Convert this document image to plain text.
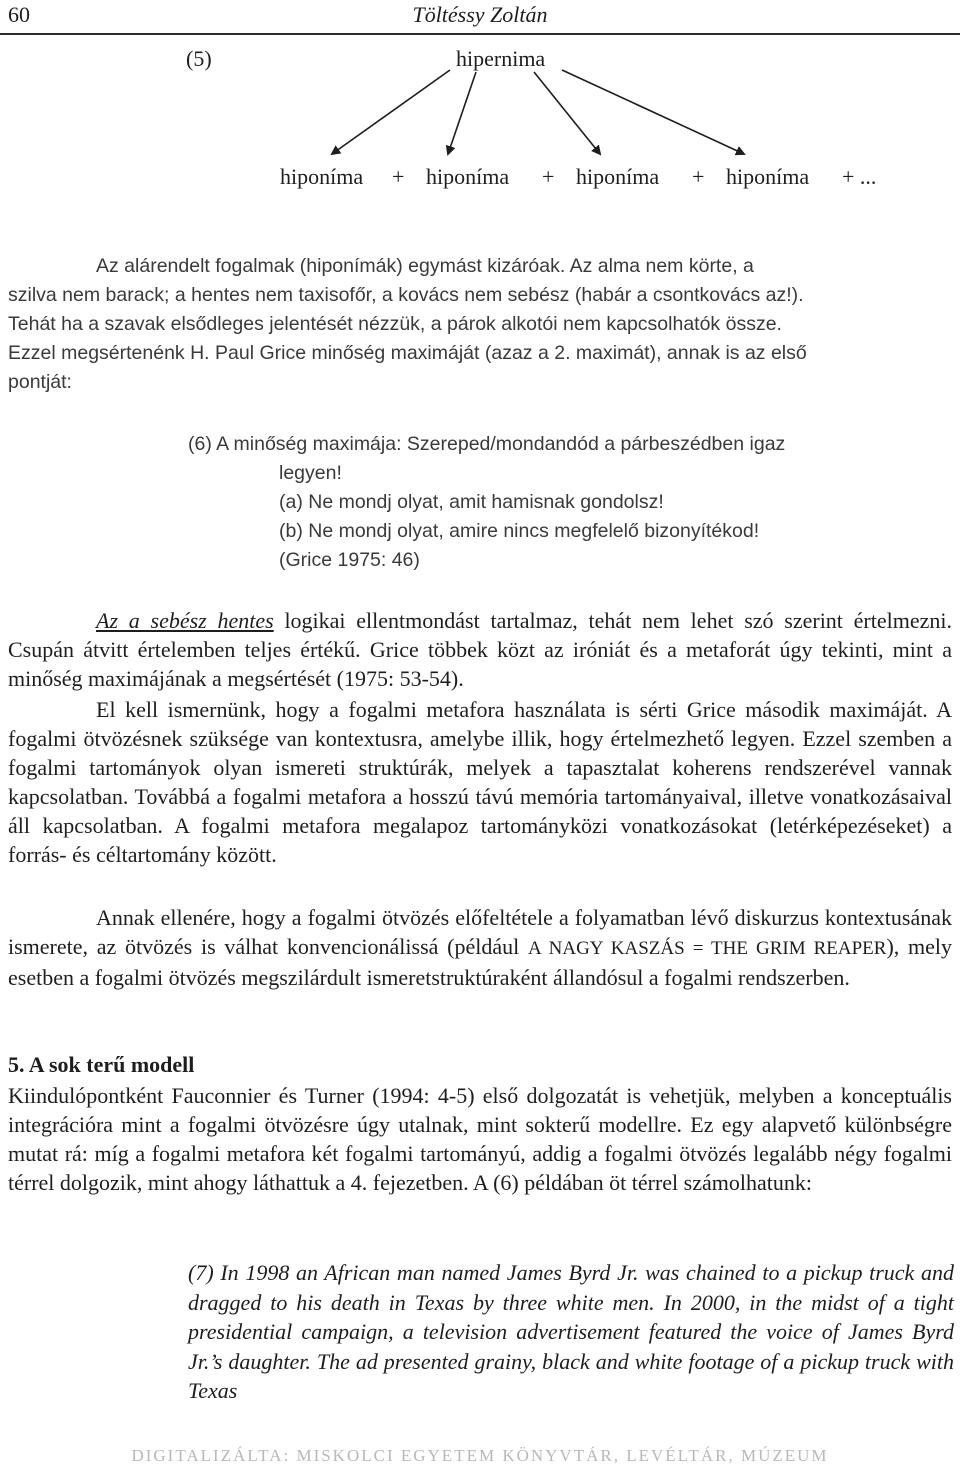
60	Töltéssy Zoltán
(5)	hipernima
hiponíma + hiponíma + hiponíma + hiponíma + ...
Az alárendelt fogalmak (hiponímák) egymást kizáróak. Az alma nem körte, a
szilva nem barack; a hentes nem taxisofőr, a kovács nem sebész (habár a csontkovács az!).
Tehát ha a szavak elsődleges jelentését nézzük, a párok alkotói nem kapcsolhatók össze.
Ezzel megsértenénk H. Paul Grice minőség maximáját (azaz a 2. maximát), annak is az első
pontját:
(6) A minőség maximája: Szereped/mondandód a párbeszédben igaz
legyen!
(a) Ne mondj olyat, amit hamisnak gondolsz!
(b) Ne mondj olyat, amire nincs megfelelő bizonyítékod!
(Grice 1975: 46)
Az a sebész hentes logikai ellentmondást tartalmaz, tehát nem lehet szó szerint értelmezni. Csupán átvitt értelemben teljes értékű. Grice többek közt az iróniát és a metaforát úgy tekinti, mint a minőség maximájának a megsértését (1975: 53-54).
El kell ismernünk, hogy a fogalmi metafora használata is sérti Grice második maximáját. A fogalmi ötvözésnek szüksége van kontextusra, amelybe illik, hogy értelmezhető legyen. Ezzel szemben a fogalmi tartományok olyan ismereti struktúrák, melyek a tapasztalat koherens rendszerével vannak kapcsolatban. Továbbá a fogalmi metafora a hosszú távú memória tartományaival, illetve vonatkozásaival áll kapcsolatban. A fogalmi metafora megalapoz tartományközi vonatkozásokat (letérképezéseket) a forrás- és céltartomány között.
Annak ellenére, hogy a fogalmi ötvözés előfeltétele a folyamatban lévő diskurzus kontextusának ismerete, az ötvözés is válhat konvencionálissá (például A NAGY KASZÁS = THE GRIM REAPER), mely esetben a fogalmi ötvözés megszilárdult ismeretstruktúraként állandósul a fogalmi rendszerben.
5. A sok terű modell
Kiindulópontként Fauconnier és Turner (1994: 4-5) első dolgozatát is vehetjük, melyben a konceptuális integrációra mint a fogalmi ötvözésre úgy utalnak, mint sokterű modellre. Ez egy alapvető különbségre mutat rá: míg a fogalmi metafora két fogalmi tartományú, addig a fogalmi ötvözés legalább négy fogalmi térrel dolgozik, mint ahogy láthattuk a 4. fejezetben. A (6) példában öt térrel számolhatunk:
(7) In 1998 an African man named James Byrd Jr. was chained to a pickup truck and dragged to his death in Texas by three white men. In 2000, in the midst of a tight presidential campaign, a television advertisement featured the voice of James Byrd Jr.’s daughter. The ad presented grainy, black and white footage of a pickup truck with Texas
DIGITALIZÁLTA: MISKOLCI EGYETEM KÖNYVTÁR, LEVÉLTÁR, MÚZEUM
